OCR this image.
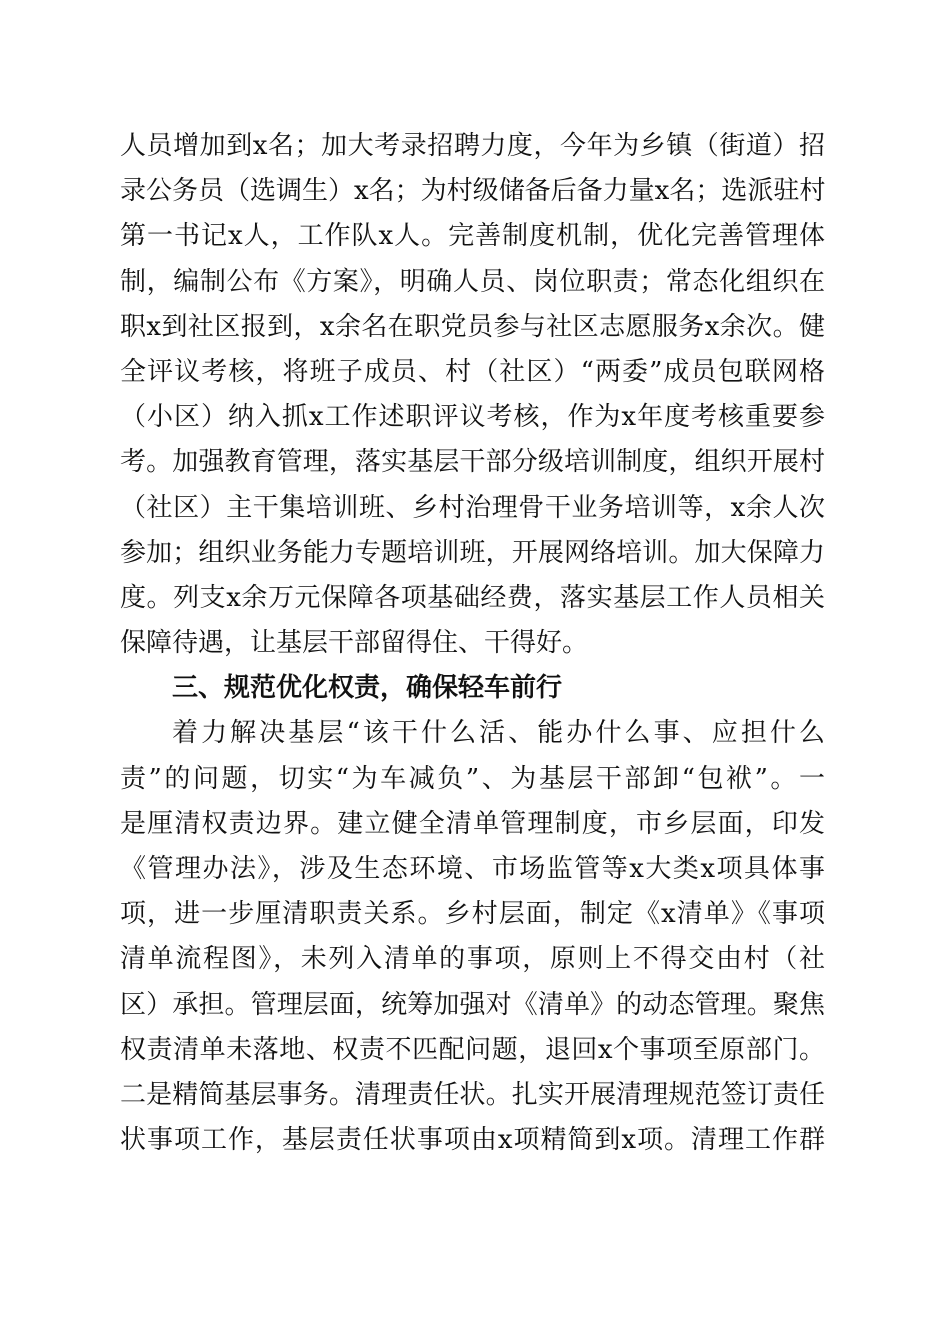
人员增加到x名；加大考录招聘力度，今年为乡镇（街道）招
录公务员（选调生）x名；为村级储备后备力量x名；选派驻村
第一书记x人，工作队x人。完善制度机制，优化完善管理体
制，编制公布《方案》，明确人员、岗位职责；常态化组织在
职x到社区报到，x余名在职党员参与社区志愿服务x余次。健
全评议考核，将班子成员、村（社区）“两委”成员包联网格
（小区）纳入抓x工作述职评议考核，作为x年度考核重要参
考。加强教育管理，落实基层干部分级培训制度，组织开展村
（社区）主干集培训班、乡村治理骨干业务培训等，x余人次
参加；组织业务能力专题培训班，开展网络培训。加大保障力
度。列支x余万元保障各项基础经费，落实基层工作人员相关
保障待遇，让基层干部留得住、干得好。
三、规范优化权责，确保轻车前行
着力解决基层“该干什么活、能办什么事、应担什么
责”的问题，切实“为车减负”、为基层干部卸“包袱”。一
是厘清权责边界。建立健全清单管理制度，市乡层面，印发
《管理办法》，涉及生态环境、市场监管等x大类x项具体事
项，进一步厘清职责关系。乡村层面，制定《x清单》《事项
清单流程图》，未列入清单的事项，原则上不得交由村（社
区）承担。管理层面，统筹加强对《清单》的动态管理。聚焦
权责清单未落地、权责不匹配问题，退回x个事项至原部门。
二是精简基层事务。清理责任状。扎实开展清理规范签订责任
状事项工作，基层责任状事项由x项精简到x项。清理工作群
